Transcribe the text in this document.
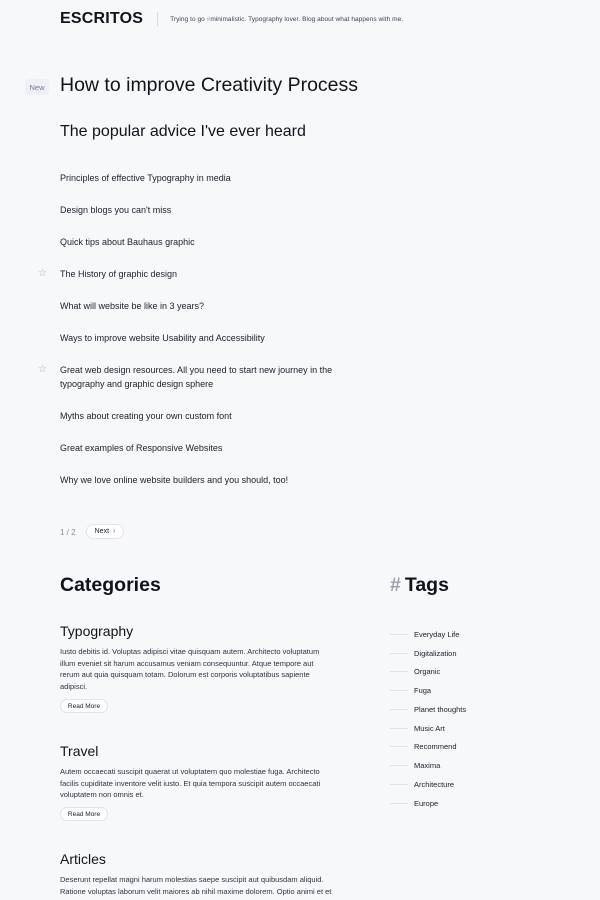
ESCRITOS	Trying to go #minimalistic. Typography lover. Blog about what happens with me.
New How to improve Creativity Process
The popular advice I've ever heard
Principles of effective Typography in media
Design blogs you can't miss
Quick tips about Bauhaus graphic
☆ The History of graphic design
What will website be like in 3 years?
Ways to improve website Usability and Accessibility
☆ Great web design resources. All you need to start new journey in the typography and graphic design sphere
Myths about creating your own custom font
Great examples of Responsive Websites
Why we love online website builders and you should, too!
1 / 2	Next ›
Categories
Typography

Iusto debitis id. Voluptas adipisci vitae quisquam autem. Architecto voluptatum illum eveniet sit harum accusamus veniam consequuntur. Atque tempore aut rerum aut quia quisquam totam. Dolorum est corporis voluptatibus sapiente adipisci.

Read More
Travel

Autem occaecati suscipit quaerat ut voluptatem quo molestiae fuga. Architecto facilis cupiditate inventore velit iusto. Et quia tempora suscipit autem occaecati voluptatem non omnis et.

Read More
Articles

Deserunt repellat magni harum molestias saepe suscipit aut quibusdam aliquid. Ratione voluptas laborum velit maiores ab nihil maxime dolorem. Optio animi et et

# Tags
Everyday Life
Digitalization
Organic
Fuga
Planet thoughts
Music Art
Recommend
Maxima
Architecture
Europe
